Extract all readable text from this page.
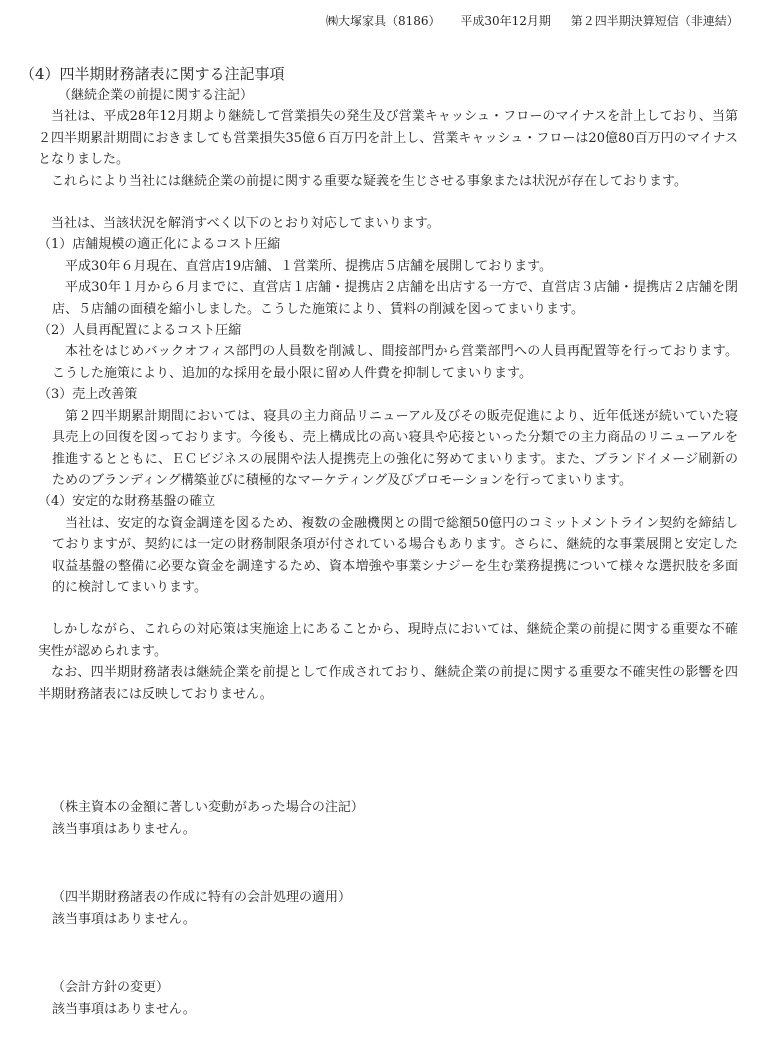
㈱大塚家具（8186） 平成30年12月期 第２四半期決算短信（非連結）
（4）四半期財務諸表に関する注記事項
（継続企業の前提に関する注記）
当社は、平成28年12月期より継続して営業損失の発生及び営業キャッシュ・フローのマイナスを計上しており、当第２四半期累計期間におきましても営業損失35億６百万円を計上し、営業キャッシュ・フローは20億80百万円のマイナスとなりました。
これらにより当社には継続企業の前提に関する重要な疑義を生じさせる事象または状況が存在しております。
当社は、当該状況を解消すべく以下のとおり対応してまいります。
（1）店舗規模の適正化によるコスト圧縮
平成30年６月現在、直営店19店舗、１営業所、提携店５店舗を展開しております。
平成30年１月から６月までに、直営店１店舗・提携店２店舗を出店する一方で、直営店３店舗・提携店２店舗を閉店、５店舗の面積を縮小しました。こうした施策により、賃料の削減を図ってまいります。
（2）人員再配置によるコスト圧縮
本社をはじめバックオフィス部門の人員数を削減し、間接部門から営業部門への人員再配置等を行っております。こうした施策により、追加的な採用を最小限に留め人件費を抑制してまいります。
（3）売上改善策
第２四半期累計期間においては、寝具の主力商品リニューアル及びその販売促進により、近年低迷が続いていた寝具売上の回復を図っております。今後も、売上構成比の高い寝具や応接といった分類での主力商品のリニューアルを推進するとともに、ＥＣビジネスの展開や法人提携売上の強化に努めてまいります。また、ブランドイメージ刷新のためのブランディング構築並びに積極的なマーケティング及びプロモーションを行ってまいります。
（4）安定的な財務基盤の確立
当社は、安定的な資金調達を図るため、複数の金融機関との間で総額50億円のコミットメントライン契約を締結しておりますが、契約には一定の財務制限条項が付されている場合もあります。さらに、継続的な事業展開と安定した収益基盤の整備に必要な資金を調達するため、資本増強や事業シナジーを生む業務提携について様々な選択肢を多面的に検討してまいります。
しかしながら、これらの対応策は実施途上にあることから、現時点においては、継続企業の前提に関する重要な不確実性が認められます。
なお、四半期財務諸表は継続企業を前提として作成されており、継続企業の前提に関する重要な不確実性の影響を四半期財務諸表には反映しておりません。
（株主資本の金額に著しい変動があった場合の注記）
該当事項はありません。
（四半期財務諸表の作成に特有の会計処理の適用）
該当事項はありません。
（会計方針の変更）
該当事項はありません。
